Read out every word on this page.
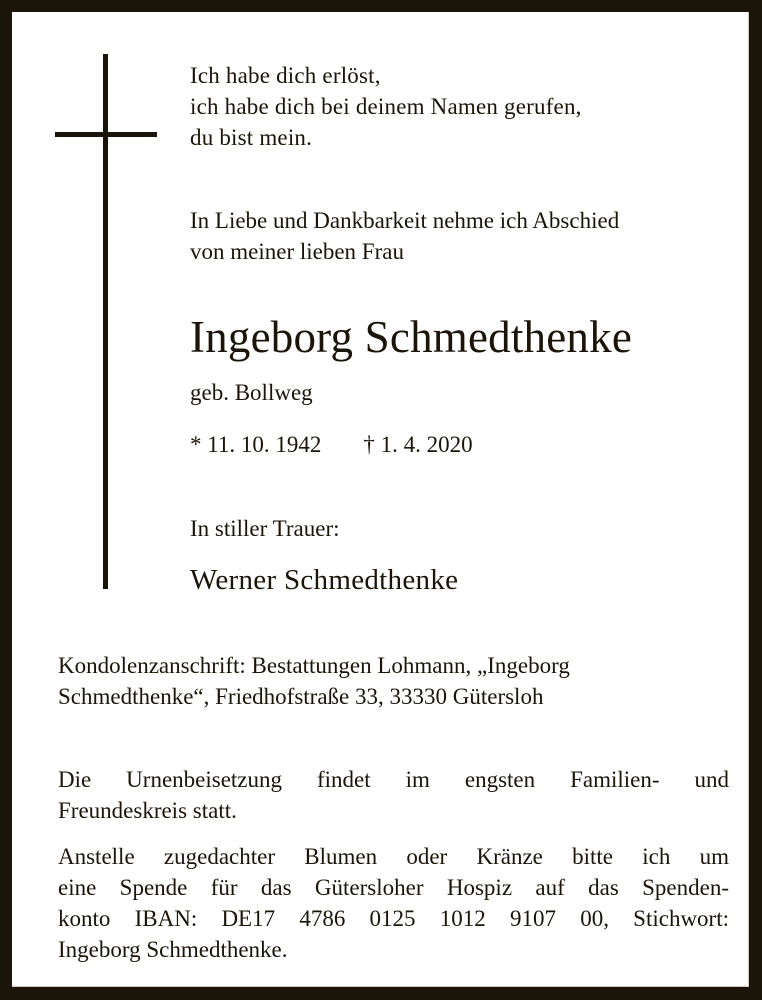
Ich habe dich erlöst,
ich habe dich bei deinem Namen gerufen,
du bist mein.
In Liebe und Dankbarkeit nehme ich Abschied
von meiner lieben Frau
Ingeborg Schmedthenke
geb. Bollweg
* 11. 10. 1942 † 1. 4. 2020
In stiller Trauer:
Werner Schmedthenke
Kondolenzanschrift: Bestattungen Lohmann, „Ingeborg
Schmedthenke“, Friedhofstraße 33, 33330 Gütersloh
Die Urnenbeisetzung findet im engsten Familien- und
Freundeskreis statt.
Anstelle zugedachter Blumen oder Kränze bitte ich um
eine Spende für das Gütersloher Hospiz auf das Spenden-
konto IBAN: DE17 4786 0125 1012 9107 00, Stichwort:
Ingeborg Schmedthenke.
